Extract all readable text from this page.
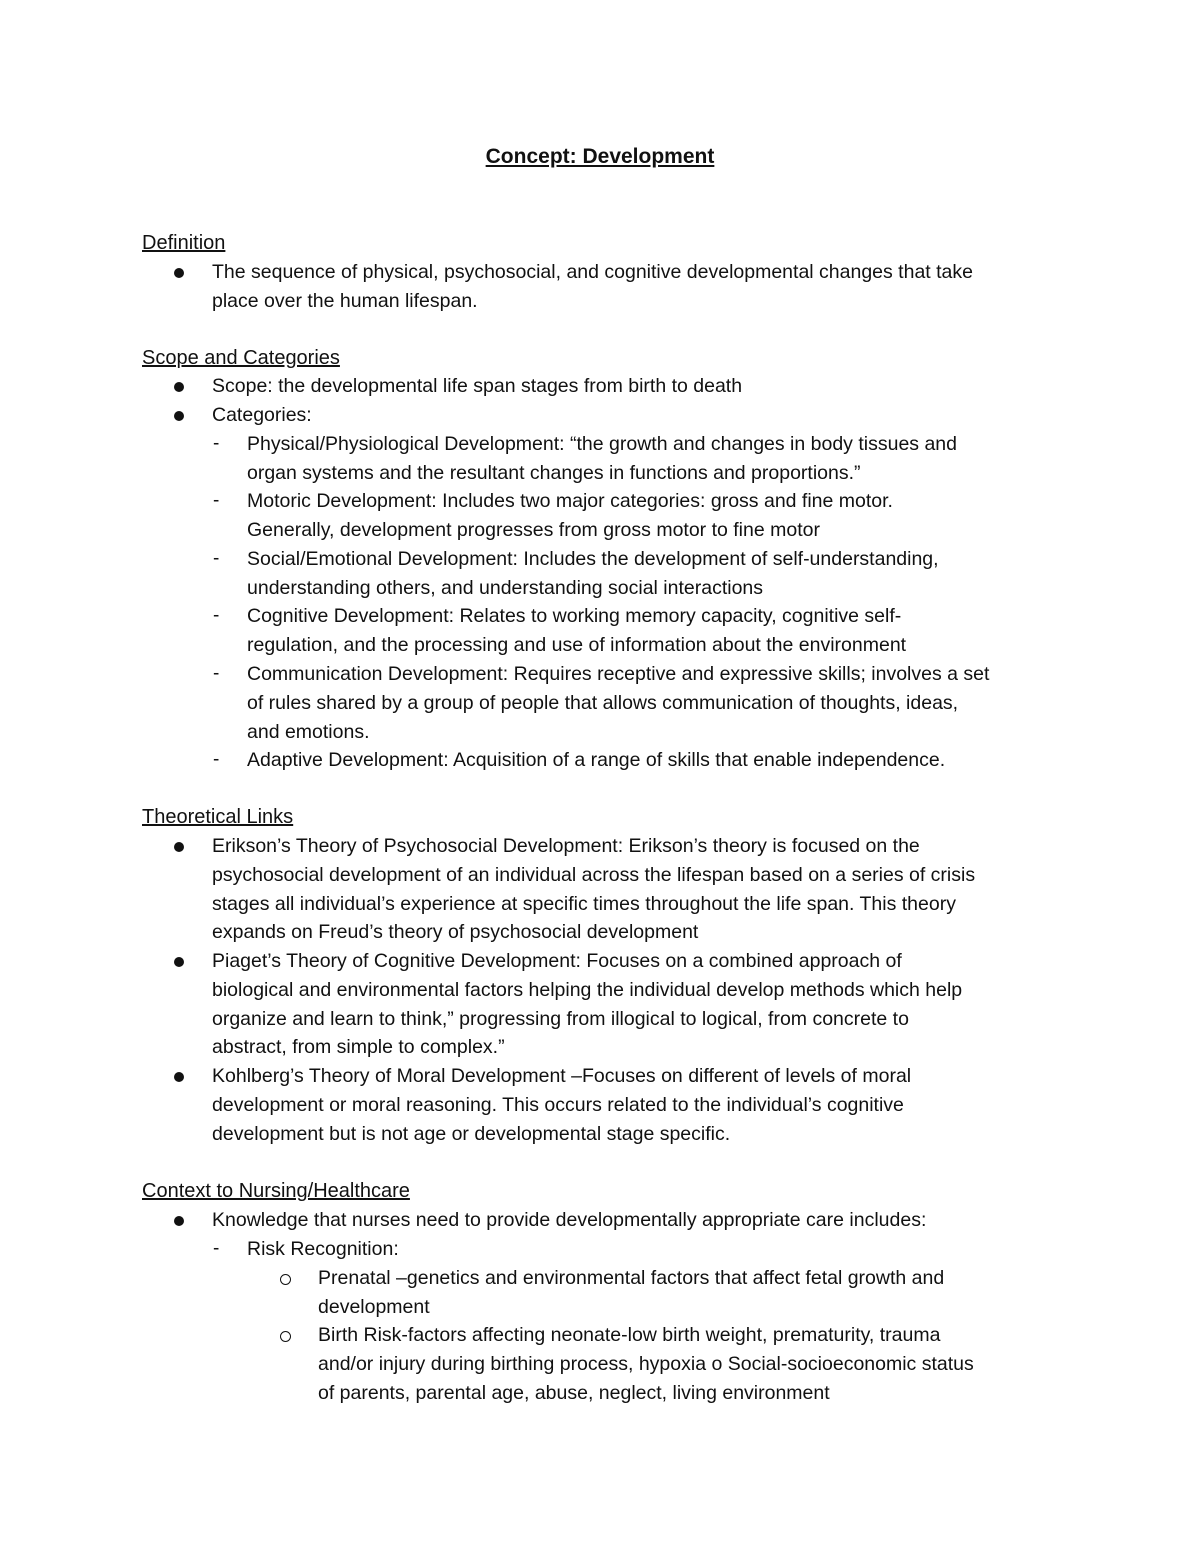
Concept: Development
Definition
The sequence of physical, psychosocial, and cognitive developmental changes that take
place over the human lifespan.
Scope and Categories
Scope: the developmental life span stages from birth to death
Categories:
- Physical/Physiological Development: “the growth and changes in body tissues and
organ systems and the resultant changes in functions and proportions.”
- Motoric Development: Includes two major categories: gross and fine motor.
Generally, development progresses from gross motor to fine motor
- Social/Emotional Development: Includes the development of self-understanding,
understanding others, and understanding social interactions
- Cognitive Development: Relates to working memory capacity, cognitive self-
regulation, and the processing and use of information about the environment
- Communication Development: Requires receptive and expressive skills; involves a set
of rules shared by a group of people that allows communication of thoughts, ideas,
and emotions.
- Adaptive Development: Acquisition of a range of skills that enable independence.
Theoretical Links
Erikson’s Theory of Psychosocial Development: Erikson’s theory is focused on the
psychosocial development of an individual across the lifespan based on a series of crisis
stages all individual’s experience at specific times throughout the life span. This theory
expands on Freud’s theory of psychosocial development
Piaget’s Theory of Cognitive Development: Focuses on a combined approach of
biological and environmental factors helping the individual develop methods which help
organize and learn to think,” progressing from illogical to logical, from concrete to
abstract, from simple to complex.”
Kohlberg’s Theory of Moral Development –Focuses on different of levels of moral
development or moral reasoning. This occurs related to the individual’s cognitive
development but is not age or developmental stage specific.
Context to Nursing/Healthcare
Knowledge that nurses need to provide developmentally appropriate care includes:
- Risk Recognition:
Prenatal –genetics and environmental factors that affect fetal growth and
development
Birth Risk-factors affecting neonate-low birth weight, prematurity, trauma
and/or injury during birthing process, hypoxia o Social-socioeconomic status
of parents, parental age, abuse, neglect, living environment
